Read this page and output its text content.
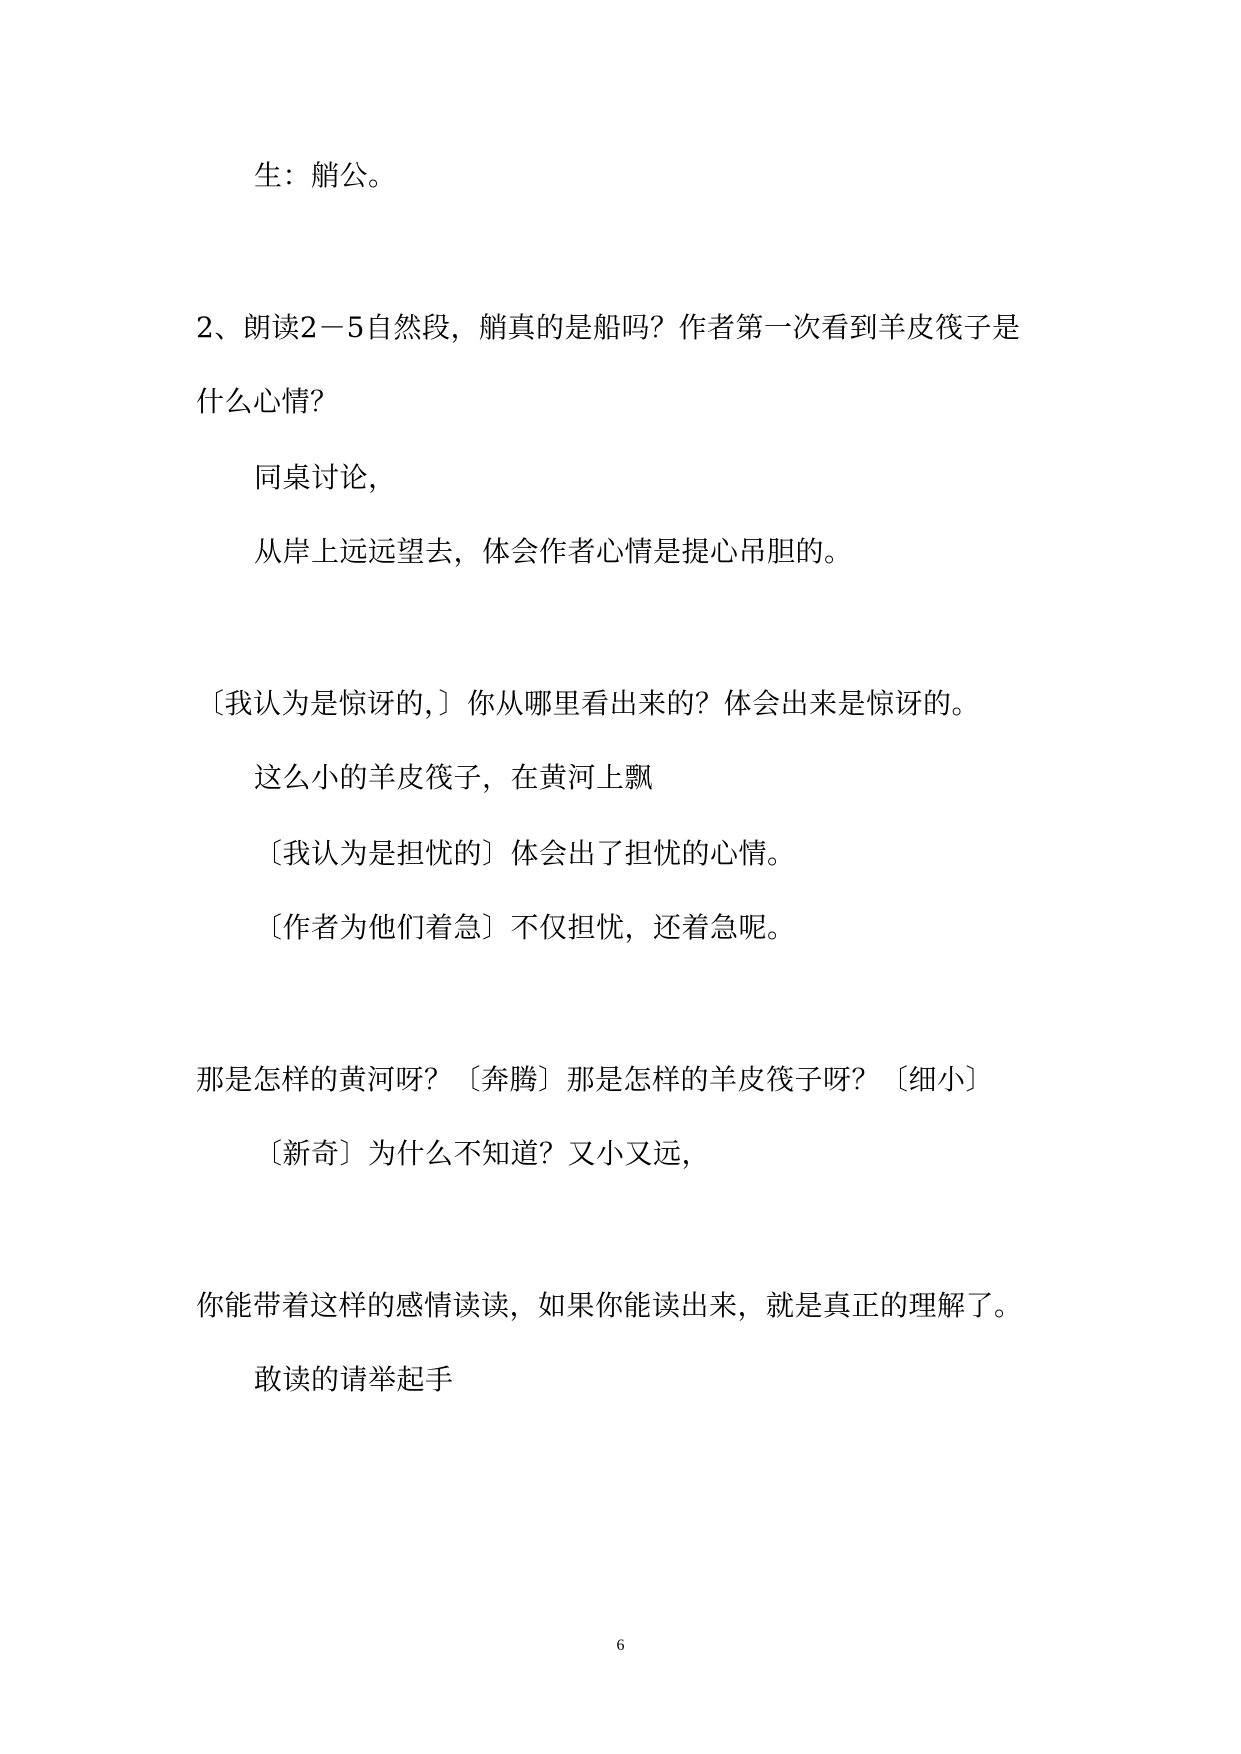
生：艄公。
2、朗读2－5自然段，艄真的是船吗？作者第一次看到羊皮筏子是
什么心情？
同桌讨论，
从岸上远远望去，体会作者心情是提心吊胆的。
〔我认为是惊讶的，〕你从哪里看出来的？体会出来是惊讶的。
这么小的羊皮筏子，在黄河上飘
〔我认为是担忧的〕体会出了担忧的心情。
〔作者为他们着急〕不仅担忧，还着急呢。
那是怎样的黄河呀？〔奔腾〕那是怎样的羊皮筏子呀？〔细小〕
〔新奇〕为什么不知道？又小又远，
你能带着这样的感情读读，如果你能读出来，就是真正的理解了。
敢读的请举起手
6
